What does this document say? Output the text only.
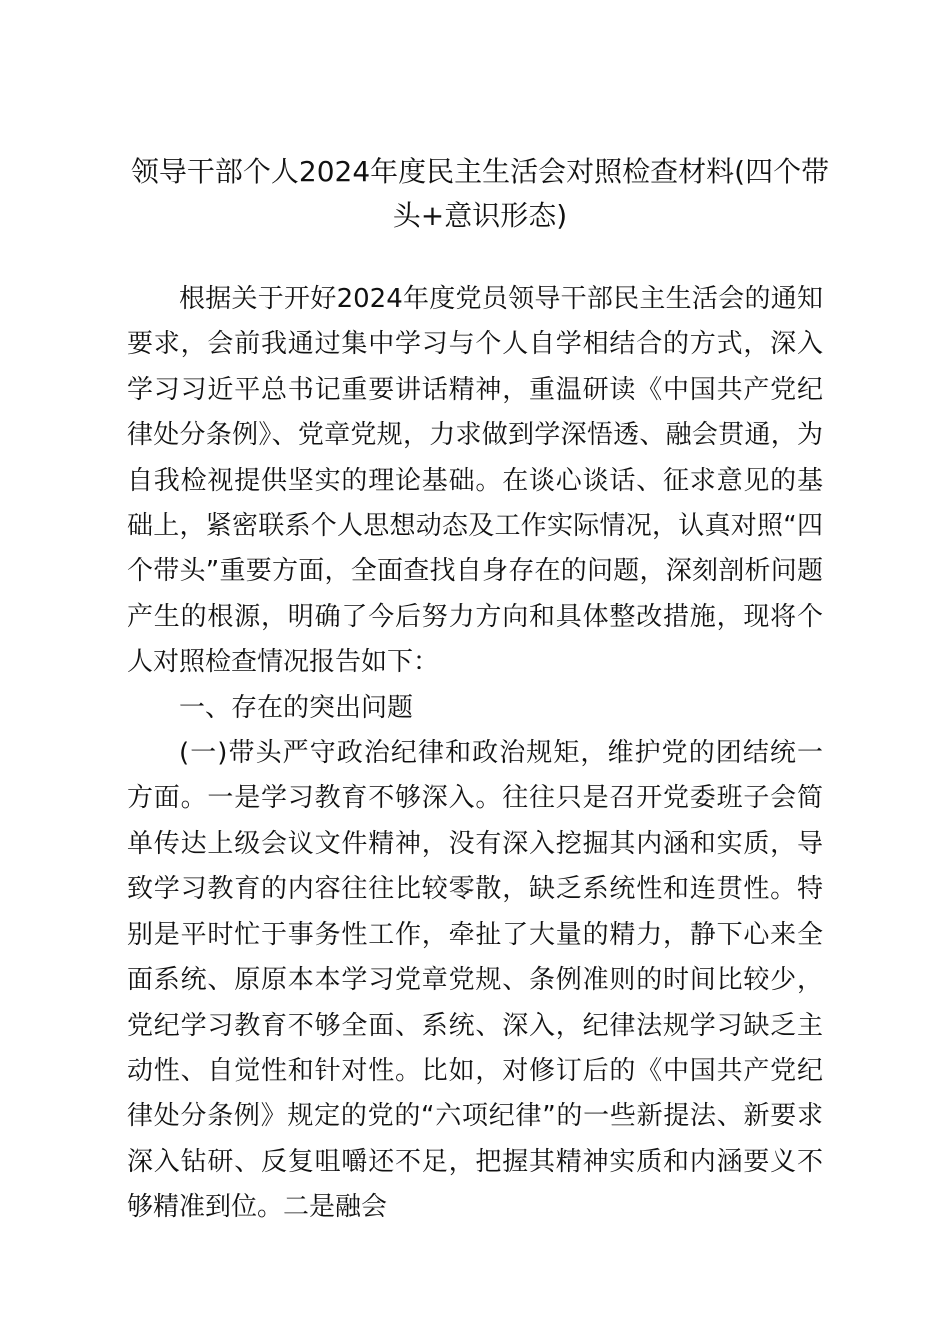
领导干部个人2024年度民主生活会对照检查材料(四个带头+意识形态)

根据关于开好2024年度党员领导干部民主生活会的通知要求，会前我通过集中学习与个人自学相结合的方式，深入学习习近平总书记重要讲话精神，重温研读《中国共产党纪律处分条例》、党章党规，力求做到学深悟透、融会贯通，为自我检视提供坚实的理论基础。在谈心谈话、征求意见的基础上，紧密联系个人思想动态及工作实际情况，认真对照“四个带头”重要方面，全面查找自身存在的问题，深刻剖析问题产生的根源，明确了今后努力方向和具体整改措施，现将个人对照检查情况报告如下：

一、存在的突出问题

(一)带头严守政治纪律和政治规矩，维护党的团结统一方面。一是学习教育不够深入。往往只是召开党委班子会简单传达上级会议文件精神，没有深入挖掘其内涵和实质，导致学习教育的内容往往比较零散，缺乏系统性和连贯性。特别是平时忙于事务性工作，牵扯了大量的精力，静下心来全面系统、原原本本学习党章党规、条例准则的时间比较少，党纪学习教育不够全面、系统、深入，纪律法规学习缺乏主动性、自觉性和针对性。比如，对修订后的《中国共产党纪律处分条例》规定的党的“六项纪律”的一些新提法、新要求深入钻研、反复咀嚼还不足，把握其精神实质和内涵要义不够精准到位。二是融会
